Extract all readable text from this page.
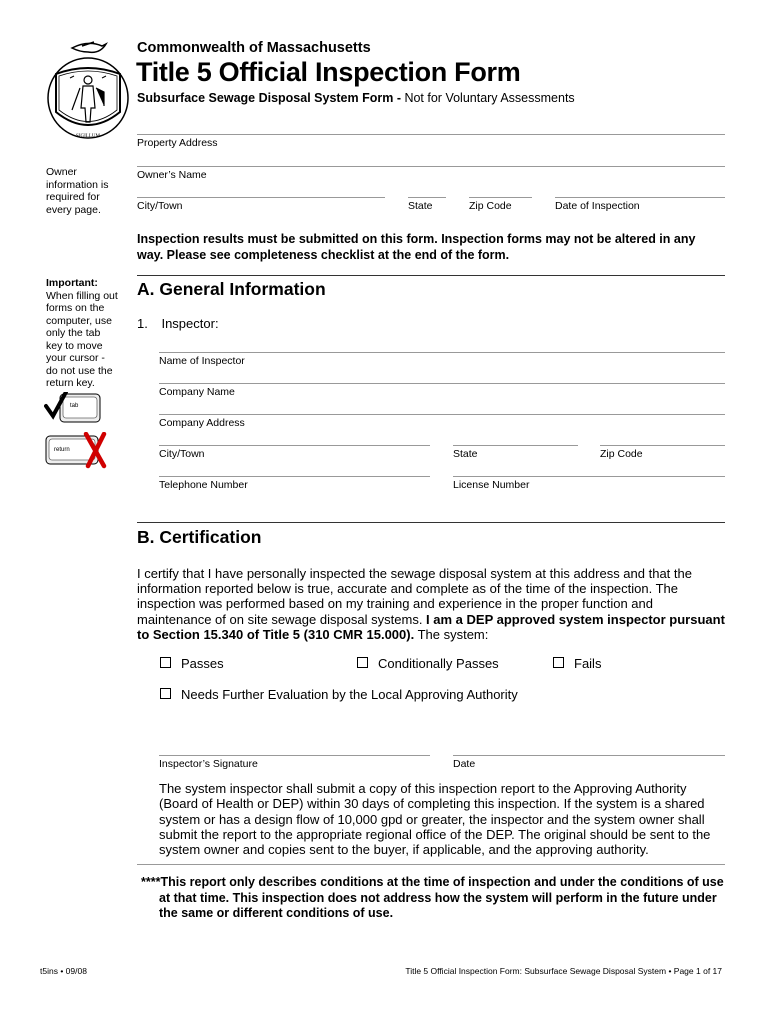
SIGILLUM
Commonwealth of Massachusetts
Title 5 Official Inspection Form
Subsurface Sewage Disposal System Form - Not for Voluntary Assessments
Property Address
Owner’s Name
City/Town	State	Zip Code	Date of Inspection
Owner information is required for every page.
Important:
When filling out forms on the computer, use only the tab key to move your cursor - do not use the return key.
tab
return
Inspection results must be submitted on this form. Inspection forms may not be altered in any way. Please see completeness checklist at the end of the form.
A. General Information
1. Inspector:
Name of Inspector
Company Name
Company Address
City/Town	State	Zip Code
Telephone Number	License Number
B. Certification
I certify that I have personally inspected the sewage disposal system at this address and that the information reported below is true, accurate and complete as of the time of the inspection. The inspection was performed based on my training and experience in the proper function and maintenance of on site sewage disposal systems. I am a DEP approved system inspector pursuant to Section 15.340 of Title 5 (310 CMR 15.000). The system:
Passes	Conditionally Passes	Fails
Needs Further Evaluation by the Local Approving Authority
Inspector’s Signature	Date
The system inspector shall submit a copy of this inspection report to the Approving Authority (Board of Health or DEP) within 30 days of completing this inspection. If the system is a shared system or has a design flow of 10,000 gpd or greater, the inspector and the system owner shall submit the report to the appropriate regional office of the DEP. The original should be sent to the system owner and copies sent to the buyer, if applicable, and the approving authority.
****This report only describes conditions at the time of inspection and under the conditions of use at that time. This inspection does not address how the system will perform in the future under the same or different conditions of use.
t5ins • 09/08	Title 5 Official Inspection Form: Subsurface Sewage Disposal System • Page 1 of 17
